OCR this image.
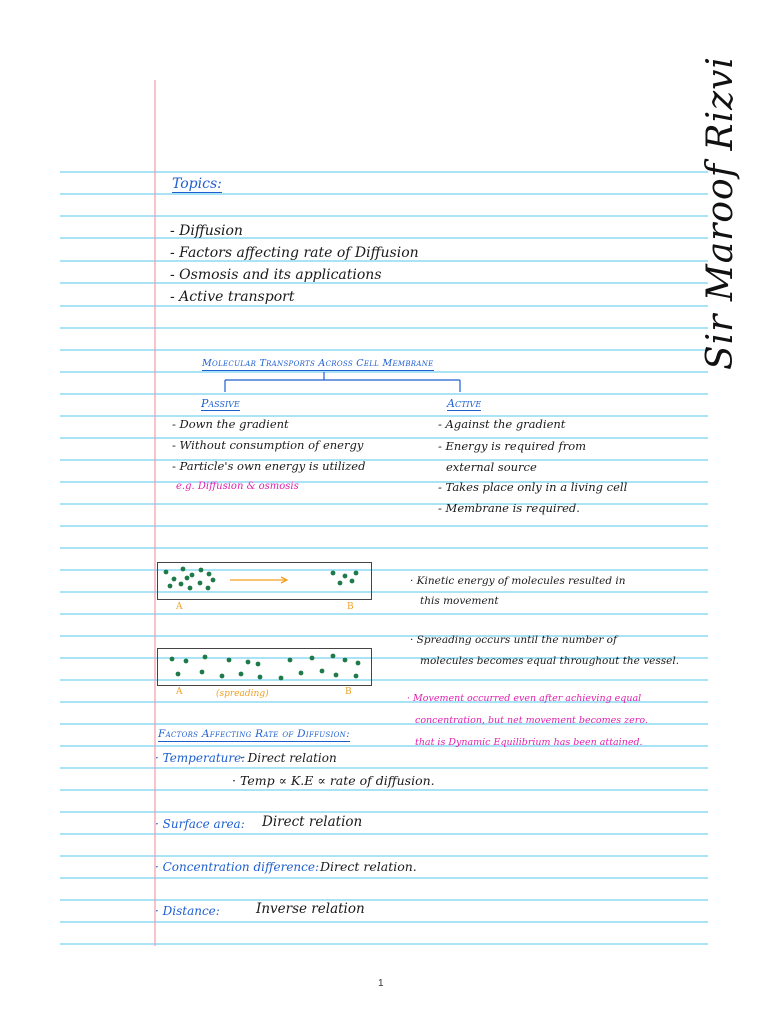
Sir Maroof Rizvi
Topics:
- Diffusion
- Factors affecting rate of Diffusion
- Osmosis and its applications
- Active transport
Molecular Transports Across Cell Membrane
Passive
- Down the gradient
- Without consumption of energy
- Particle's own energy is utilized
e.g. Diffusion & osmosis
Active
- Against the gradient
- Energy is required from
external source
- Takes place only in a living cell
- Membrane is required.
A	B
· Kinetic energy of molecules resulted in
this movement
A	(spreading)	B
· Spreading occurs until the number of
molecules becomes equal throughout the vessel.
· Movement occurred even after achieving equal
concentration, but net movement becomes zero.
that is Dynamic Equilibrium has been attained.
Factors Affecting Rate of Diffusion:
· Temperature:
· Direct relation
· Temp ∝ K.E ∝ rate of diffusion.
· Surface area: Direct relation
· Concentration difference: Direct relation.
· Distance:	Inverse relation
1
